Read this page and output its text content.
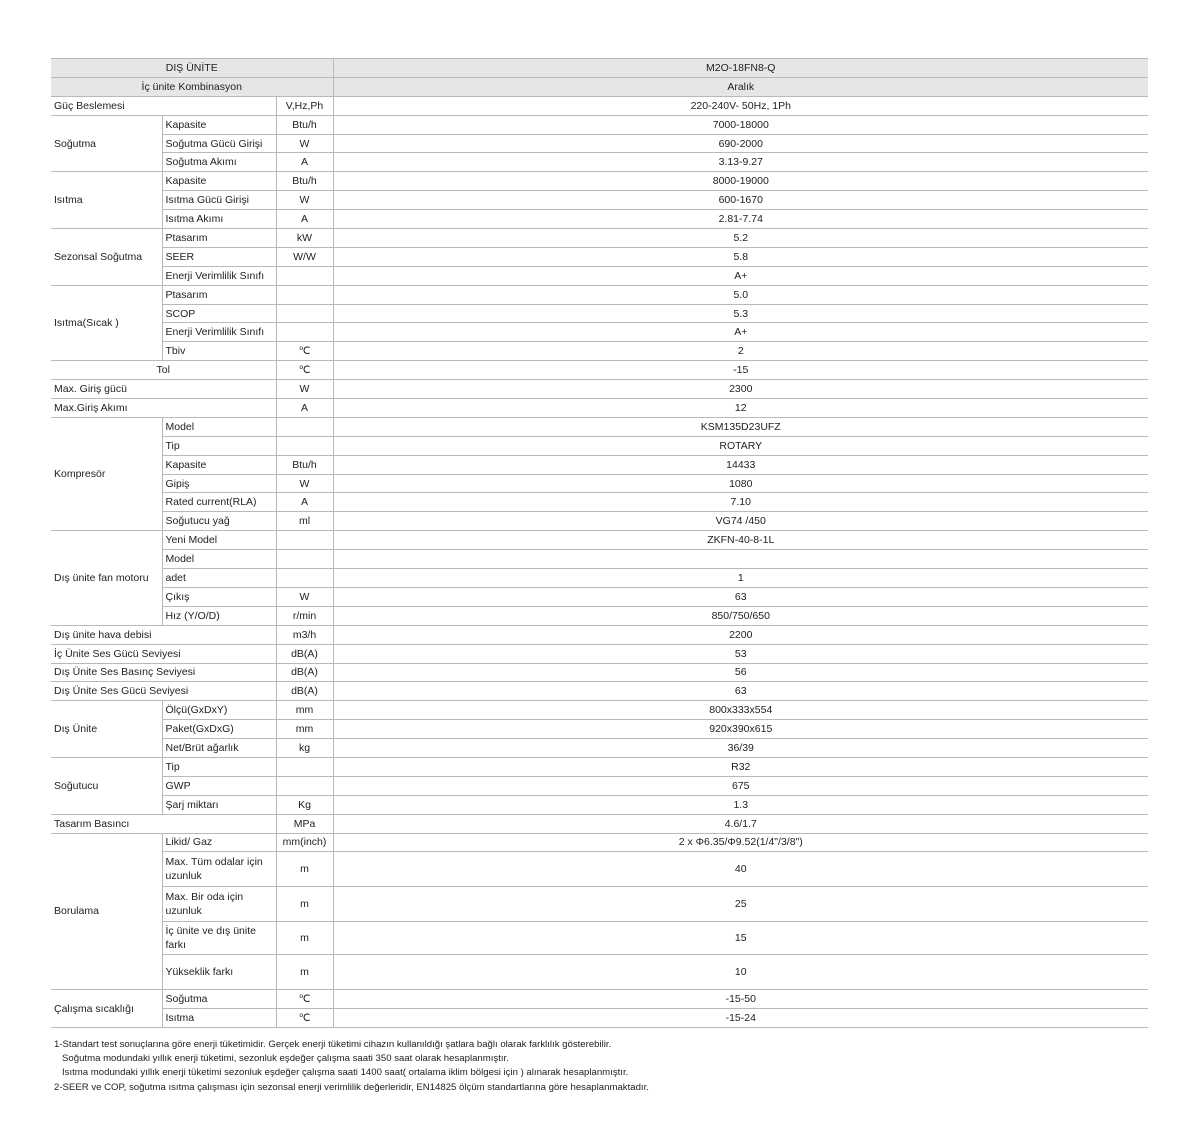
DIŞ ÜNİTE			M2O-18FN8-Q
İç ünite Kombinasyon			Aralık
Güç Beslemesi		V,Hz,Ph	220-240V- 50Hz, 1Ph
Soğutma	Kapasite	Btu/h	7000-18000
	Soğutma Gücü Girişi	W	690-2000
	Soğutma Akımı	A	3.13-9.27
Isıtma	Kapasite	Btu/h	8000-19000
	Isıtma Gücü Girişi	W	600-1670
	Isıtma Akımı	A	2.81-7.74
Sezonsal Soğutma	Ptasarım	kW	5.2
	SEER	W/W	5.8
	Enerji Verimlilik Sınıfı		A+
Isıtma(Sıcak )	Ptasarım		5.0
	SCOP		5.3
	Enerji Verimlilik Sınıfı		A+
	Tbiv	℃	2
Tol		℃	-15
Max. Giriş gücü		W	2300
Max.Giriş Akımı		A	12
Kompresör	Model		KSM135D23UFZ
	Tip		ROTARY
	Kapasite	Btu/h	14433
	Gipiş	W	1080
	Rated current(RLA)	A	7.10
	Soğutucu yağ	ml	VG74 /450
Dış ünite fan motoru	Yeni Model		ZKFN-40-8-1L
	Model		
	adet		1
	Çıkış	W	63
	Hız (Y/O/D)	r/min	850/750/650
Dış ünite hava debisi		m3/h	2200
İç Ünite Ses Gücü Seviyesi		dB(A)	53
Dış Ünite Ses Basınç Seviyesi		dB(A)	56
Dış Ünite Ses Gücü Seviyesi		dB(A)	63
Dış Ünite	Ölçü(GxDxY)	mm	800x333x554
	Paket(GxDxG)	mm	920x390x615
	Net/Brüt ağarlık	kg	36/39
Soğutucu	Tip		R32
	GWP		675
	Şarj miktarı	Kg	1.3
Tasarım Basıncı		MPa	4.6/1.7
Borulama	Likid/ Gaz	mm(inch)	2 x Φ6.35/Φ9.52(1/4"/3/8")
	Max. Tüm odalar için uzunluk	m	40
	Max. Bir oda için uzunluk	m	25
	İç ünite ve dış ünite farkı	m	15
	Yükseklik farkı	m	10
Çalışma sıcaklığı	Soğutma	℃	-15-50
	Isıtma	℃	-15-24
1-Standart test sonuçlarına göre enerji tüketimidir. Gerçek enerji tüketimi cihazın kullanıldığı şatlara bağlı olarak farklılık gösterebilir.
Soğutma modundaki yıllık enerji tüketimi, sezonluk eşdeğer çalışma saati 350 saat olarak hesaplanmıştır.
Isıtma modundaki yıllık enerji tüketimi sezonluk eşdeğer çalışma saati 1400 saat( ortalama iklim bölgesi için ) alınarak hesaplanmıştır.
2-SEER ve COP, soğutma ısıtma çalışması için sezonsal enerji verimlilik değerleridir, EN14825 ölçüm standartlarına göre hesaplanmaktadır.
